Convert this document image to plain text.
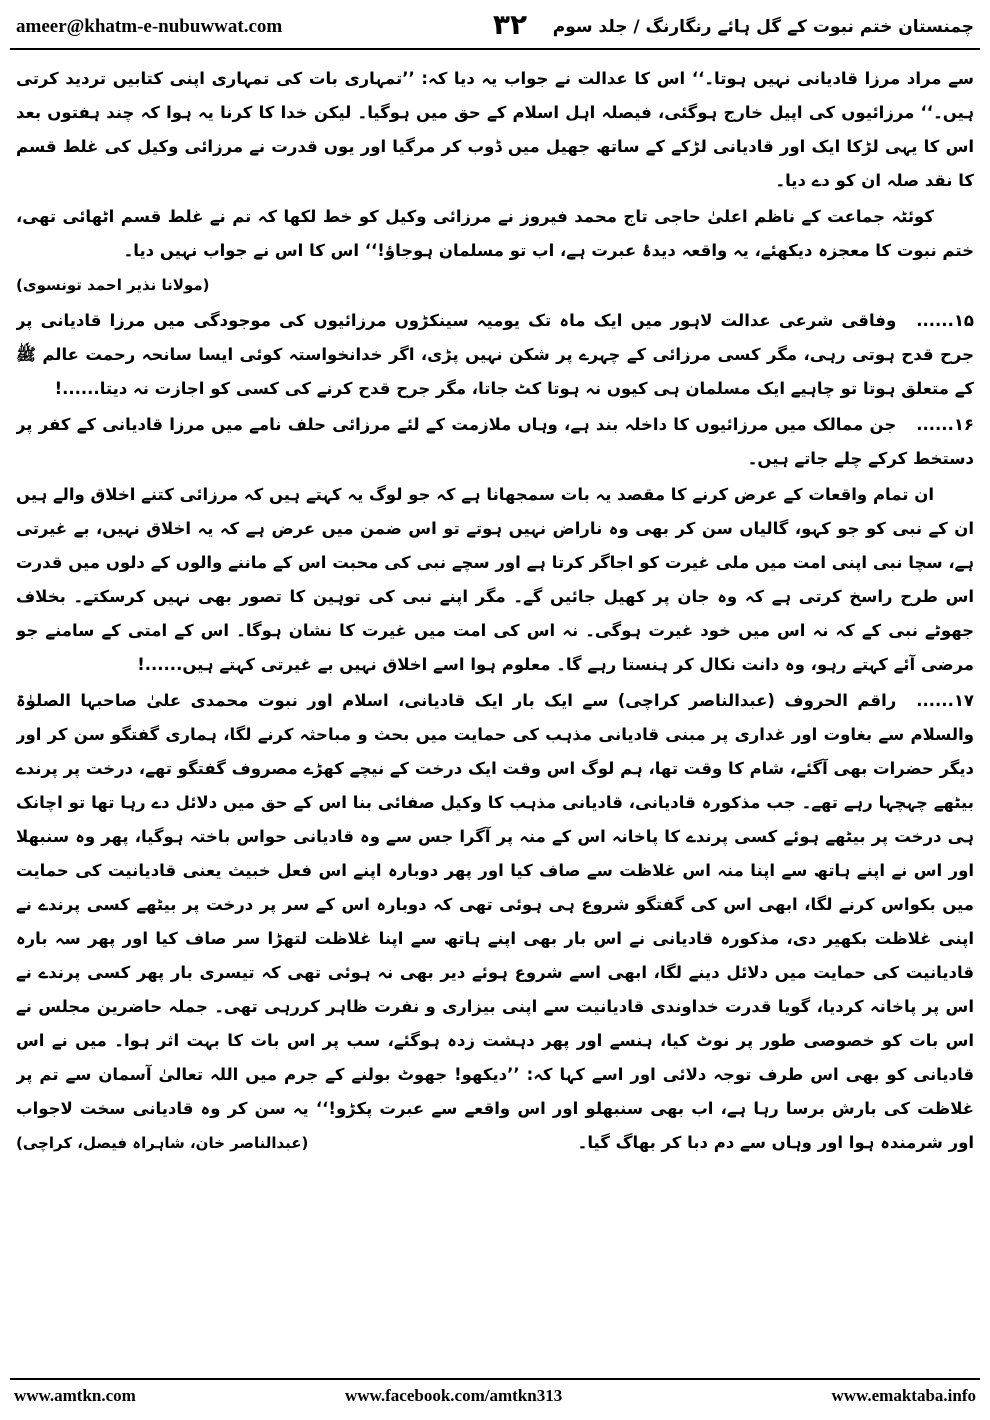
ameer@khatm-e-nubuwwat.com	۳۲	چمنستان ختم نبوت کے گل ہائے رنگارنگ / جلد سوم

سے مراد مرزا قادیانی نہیں ہوتا۔‘‘ اس کا عدالت نے جواب یہ دیا کہ: ’’تمہاری بات کی تمہاری اپنی کتابیں تردید کرتی ہیں۔‘‘ مرزائیوں کی اپیل خارج ہوگئی، فیصلہ اہل اسلام کے حق میں ہوگیا۔ لیکن خدا کا کرنا یہ ہوا کہ چند ہفتوں بعد اس کا یہی لڑکا ایک اور قادیانی لڑکے کے ساتھ جھیل میں ڈوب کر مرگیا اور یوں قدرت نے مرزائی وکیل کی غلط قسم کا نقد صلہ ان کو دے دیا۔

کوئٹہ جماعت کے ناظم اعلیٰ حاجی تاج محمد فیروز نے مرزائی وکیل کو خط لکھا کہ تم نے غلط قسم اٹھائی تھی، ختم نبوت کا معجزہ دیکھئے، یہ واقعہ دیدۂ عبرت ہے، اب تو مسلمان ہوجاؤ!‘‘ اس کا اس نے جواب نہیں دیا۔
(مولانا نذیر احمد تونسوی)

۱۵......وفاقی شرعی عدالت لاہور میں ایک ماہ تک یومیہ سینکڑوں مرزائیوں کی موجودگی میں مرزا قادیانی پر جرح قدح ہوتی رہی، مگر کسی مرزائی کے چہرے پر شکن نہیں پڑی، اگر خدانخواستہ کوئی ایسا سانحہ رحمت عالم ﷺ کے متعلق ہوتا تو چاہیے ایک مسلمان ہی کیوں نہ ہوتا کٹ جاتا، مگر جرح قدح کرنے کی کسی کو اجازت نہ دیتا......!

۱۶......جن ممالک میں مرزائیوں کا داخلہ بند ہے، وہاں ملازمت کے لئے مرزائی حلف نامے میں مرزا قادیانی کے کفر پر دستخط کرکے چلے جاتے ہیں۔

ان تمام واقعات کے عرض کرنے کا مقصد یہ بات سمجھانا ہے کہ جو لوگ یہ کہتے ہیں کہ مرزائی کتنے اخلاق والے ہیں ان کے نبی کو جو کہو، گالیاں سن کر بھی وہ ناراض نہیں ہوتے تو اس ضمن میں عرض ہے کہ یہ اخلاق نہیں، بے غیرتی ہے، سچا نبی اپنی امت میں ملی غیرت کو اجاگر کرتا ہے اور سچے نبی کی محبت اس کے ماننے والوں کے دلوں میں قدرت اس طرح راسخ کرتی ہے کہ وہ جان پر کھیل جائیں گے۔ مگر اپنے نبی کی توہین کا تصور بھی نہیں کرسکتے۔ بخلاف جھوٹے نبی کے کہ نہ اس میں خود غیرت ہوگی۔ نہ اس کی امت میں غیرت کا نشان ہوگا۔ اس کے امتی کے سامنے جو مرضی آئے کہتے رہو، وہ دانت نکال کر ہنستا رہے گا۔ معلوم ہوا اسے اخلاق نہیں بے غیرتی کہتے ہیں......!

۱۷......راقم الحروف (عبدالناصر کراچی) سے ایک بار ایک قادیانی، اسلام اور نبوت محمدی علیٰ صاحبہا الصلوٰۃ والسلام سے بغاوت اور غداری پر مبنی قادیانی مذہب کی حمایت میں بحث و مباحثہ کرنے لگا، ہماری گفتگو سن کر اور دیگر حضرات بھی آگئے، شام کا وقت تھا، ہم لوگ اس وقت ایک درخت کے نیچے کھڑے مصروف گفتگو تھے، درخت پر پرندے بیٹھے چہچہا رہے تھے۔ جب مذکورہ قادیانی، قادیانی مذہب کا وکیل صفائی بنا اس کے حق میں دلائل دے رہا تھا تو اچانک ہی درخت پر بیٹھے ہوئے کسی پرندے کا پاخانہ اس کے منہ پر آگرا جس سے وہ قادیانی حواس باختہ ہوگیا، پھر وہ سنبھلا اور اس نے اپنے ہاتھ سے اپنا منہ اس غلاظت سے صاف کیا اور پھر دوبارہ اپنے اس فعل خبیث یعنی قادیانیت کی حمایت میں بکواس کرنے لگا، ابھی اس کی گفتگو شروع ہی ہوئی تھی کہ دوبارہ اس کے سر پر درخت پر بیٹھے کسی پرندے نے اپنی غلاظت بکھیر دی، مذکورہ قادیانی نے اس بار بھی اپنے ہاتھ سے اپنا غلاظت لتھڑا سر صاف کیا اور پھر سہ بارہ قادیانیت کی حمایت میں دلائل دینے لگا، ابھی اسے شروع ہوئے دیر بھی نہ ہوئی تھی کہ تیسری بار پھر کسی پرندے نے اس پر پاخانہ کردیا، گویا قدرت خداوندی قادیانیت سے اپنی بیزاری و نفرت ظاہر کررہی تھی۔ جملہ حاضرین مجلس نے اس بات کو خصوصی طور پر نوٹ کیا، ہنسے اور پھر دہشت زدہ ہوگئے، سب پر اس بات کا بہت اثر ہوا۔ میں نے اس قادیانی کو بھی اس طرف توجہ دلائی اور اسے کہا کہ: ’’دیکھو! جھوٹ بولنے کے جرم میں اللہ تعالیٰ آسمان سے تم پر غلاظت کی بارش برسا رہا ہے، اب بھی سنبھلو اور اس واقعے سے عبرت پکڑو!‘‘ یہ سن کر وہ قادیانی سخت لاجواب اور شرمندہ ہوا اور وہاں سے دم دبا کر بھاگ گیا۔
(عبدالناصر خان، شاہراہ فیصل، کراچی)

www.amtkn.com	www.facebook.com/amtkn313	www.emaktaba.info
